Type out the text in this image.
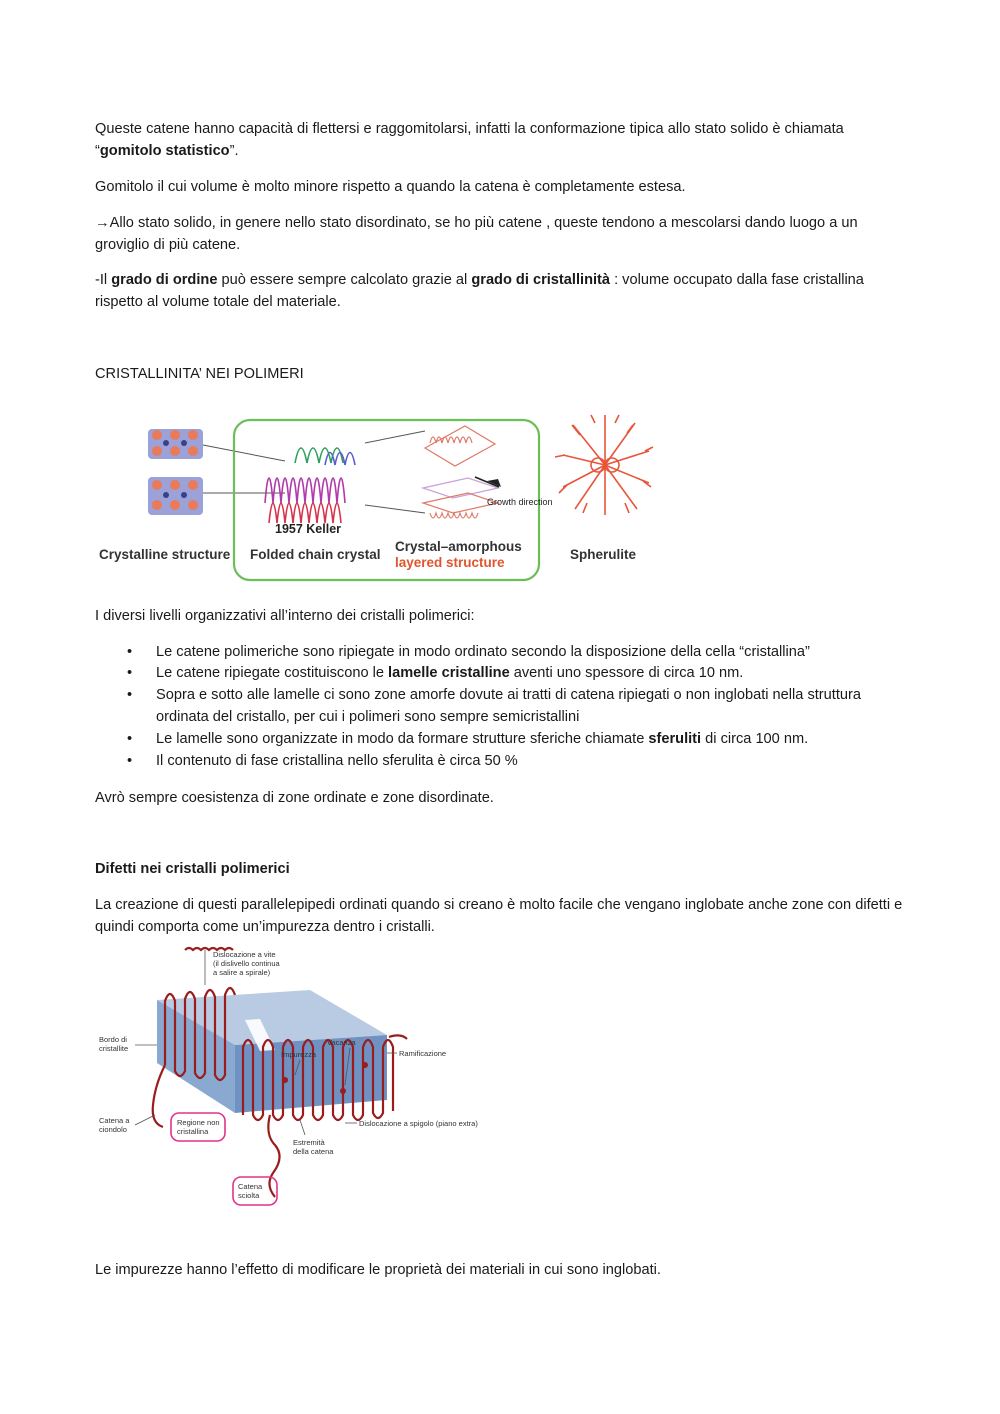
Queste catene hanno capacità di flettersi e raggomitolarsi, infatti la conformazione tipica allo stato solido è chiamata “gomitolo statistico”.

Gomitolo il cui volume è molto minore rispetto a quando la catena è completamente estesa.

→Allo stato solido, in genere nello stato disordinato, se ho più catene , queste tendono a mescolarsi dando luogo a un groviglio di più catene.

-Il grado di ordine può essere sempre calcolato grazie al grado di cristallinità : volume occupato dalla fase cristallina rispetto al volume totale del materiale.

CRISTALLINITA’ NEI POLIMERI

Growth direction
Crystalline structure Folded chain crystal
1957 Keller
Crystal–amorphous
layered structure
Spherulite

I diversi livelli organizzativi all’interno dei cristalli polimerici:

• Le catene polimeriche sono ripiegate in modo ordinato secondo la disposizione della cella “cristallina”
• Le catene ripiegate costituiscono le lamelle cristalline aventi uno spessore di circa 10 nm.
• Sopra e sotto alle lamelle ci sono zone amorfe dovute ai tratti di catena ripiegati o non inglobati nella struttura ordinata del cristallo, per cui i polimeri sono sempre semicristallini
• Le lamelle sono organizzate in modo da formare strutture sferiche chiamate sferuliti di circa 100 nm.
• Il contenuto di fase cristallina nello sferulita è circa 50 %

Avrò sempre coesistenza di zone ordinate e zone disordinate.

Difetti nei cristalli polimerici

La creazione di questi parallelepipedi ordinati quando si creano è molto facile che vengano inglobate anche zone con difetti e quindi comporta come un’impurezza dentro i cristalli.

Dislocazione a vite
(il dislivello continua
a salire a spirale)
Bordo di
cristallite
Impurezza
Vacanza
Ramificazione
Catena a
ciondolo
Regione non
cristallina
Dislocazione a spigolo (piano extra)
Estremità
della catena
Catena
sciolta

Le impurezze hanno l’effetto di modificare le proprietà dei materiali in cui sono inglobati.
